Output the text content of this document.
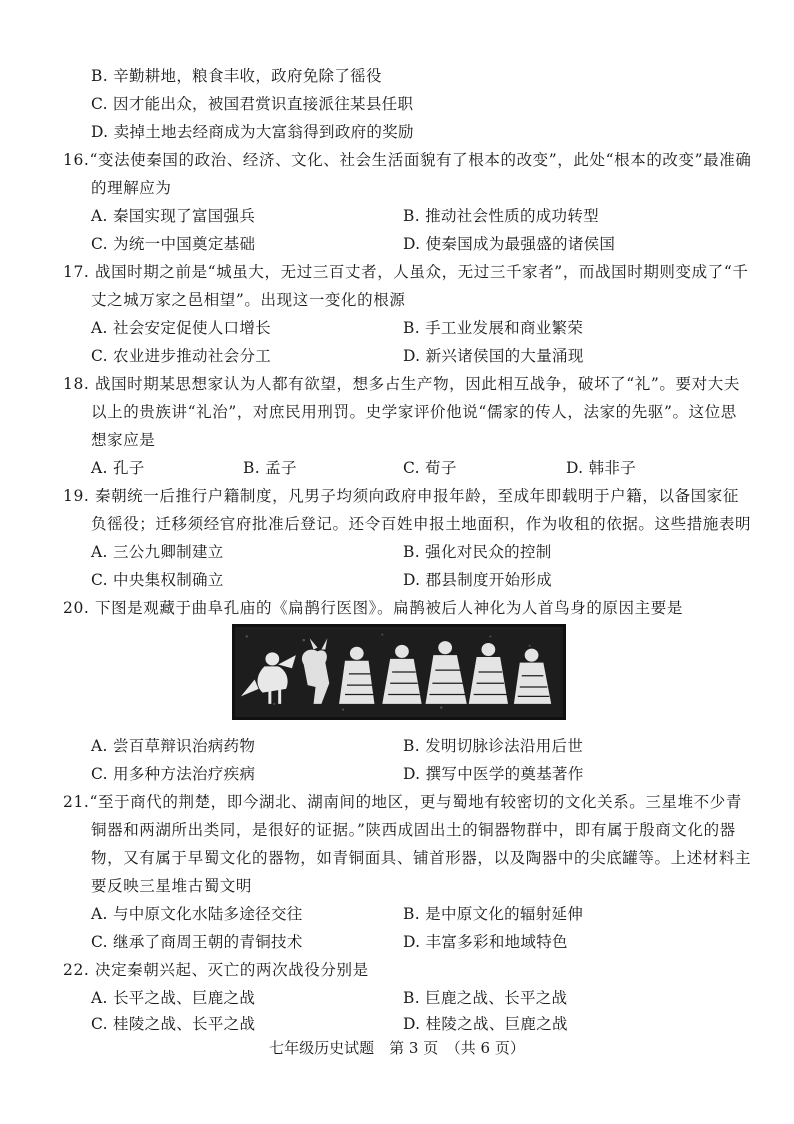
B. 辛勤耕地，粮食丰收，政府免除了徭役
C. 因才能出众，被国君赏识直接派往某县任职
D. 卖掉土地去经商成为大富翁得到政府的奖励
16.“变法使秦国的政治、经济、文化、社会生活面貌有了根本的改变”，此处“根本的改变”最准确
的理解应为
A. 秦国实现了富国强兵	B. 推动社会性质的成功转型
C. 为统一中国奠定基础	D. 使秦国成为最强盛的诸侯国
17. 战国时期之前是“城虽大，无过三百丈者，人虽众，无过三千家者”，而战国时期则变成了“千
丈之城万家之邑相望”。出现这一变化的根源
A. 社会安定促使人口增长	B. 手工业发展和商业繁荣
C. 农业进步推动社会分工	D. 新兴诸侯国的大量涌现
18. 战国时期某思想家认为人都有欲望，想多占生产物，因此相互战争，破坏了“礼”。要对大夫
以上的贵族讲“礼治”，对庶民用刑罚。史学家评价他说“儒家的传人，法家的先驱”。这位思
想家应是
A. 孔子	B. 孟子	C. 荀子	D. 韩非子
19. 秦朝统一后推行户籍制度，凡男子均须向政府申报年龄，至成年即载明于户籍，以备国家征
负徭役；迁移须经官府批准后登记。还令百姓申报土地面积，作为收租的依据。这些措施表明
A. 三公九卿制建立	B. 强化对民众的控制
C. 中央集权制确立	D. 郡县制度开始形成
20. 下图是观藏于曲阜孔庙的《扁鹊行医图》。扁鹊被后人神化为人首鸟身的原因主要是
A. 尝百草辩识治病药物	B. 发明切脉诊法沿用后世
C. 用多种方法治疗疾病	D. 撰写中医学的奠基著作
21.“至于商代的荆楚，即今湖北、湖南间的地区，更与蜀地有较密切的文化关系。三星堆不少青
铜器和两湖所出类同，是很好的证据。”陕西成固出土的铜器物群中，即有属于殷商文化的器
物，又有属于早蜀文化的器物，如青铜面具、铺首形器，以及陶器中的尖底罐等。上述材料主
要反映三星堆古蜀文明
A. 与中原文化水陆多途径交往	B. 是中原文化的辐射延伸
C. 继承了商周王朝的青铜技术	D. 丰富多彩和地域特色
22. 决定秦朝兴起、灭亡的两次战役分别是
A. 长平之战、巨鹿之战	B. 巨鹿之战、长平之战
C. 桂陵之战、长平之战	D. 桂陵之战、巨鹿之战
七年级历史试题　第 3 页　（共 6 页）
